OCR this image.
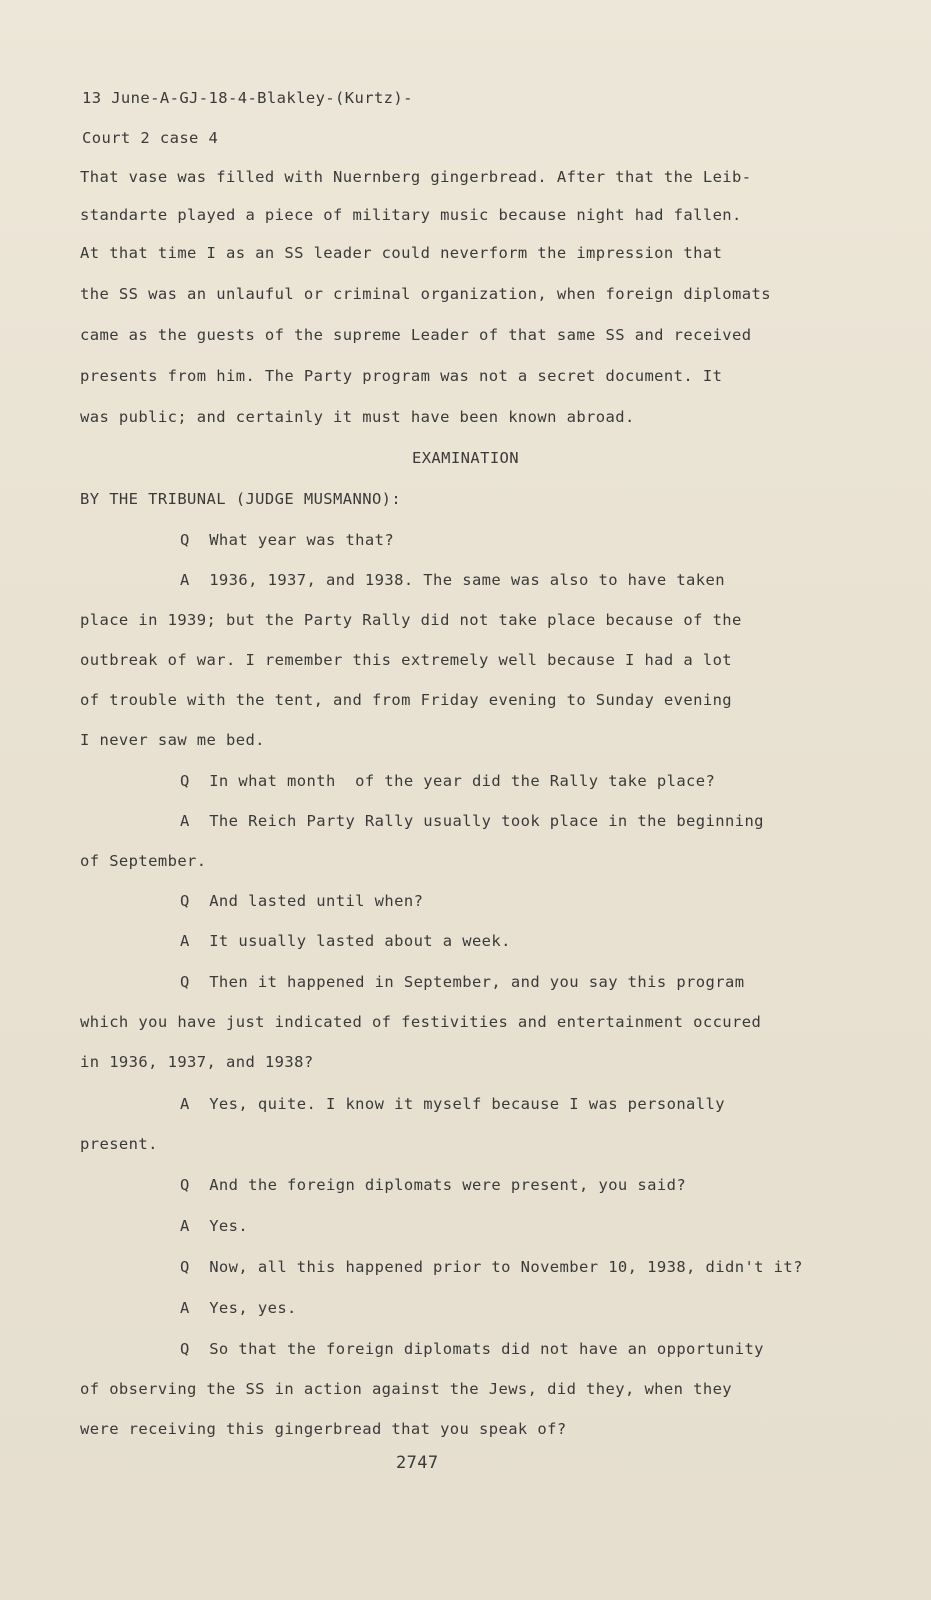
13 June-A-GJ-18-4-Blakley-(Kurtz)-
Court 2 case 4
That vase was filled with Nuernberg gingerbread. After that the Leib-
standarte played a piece of military music because night had fallen.
At that time I as an SS leader could neverform the impression that
the SS was an unlauful or criminal organization, when foreign diplomats
came as the guests of the supreme Leader of that same SS and received
presents from him. The Party program was not a secret document. It
was public; and certainly it must have been known abroad.
EXAMINATION
BY THE TRIBUNAL (JUDGE MUSMANNO):
Q  What year was that?
A  1936, 1937, and 1938. The same was also to have taken
place in 1939; but the Party Rally did not take place because of the
outbreak of war. I remember this extremely well because I had a lot
of trouble with the tent, and from Friday evening to Sunday evening
I never saw me bed.
Q  In what month  of the year did the Rally take place?
A  The Reich Party Rally usually took place in the beginning
of September.
Q  And lasted until when?
A  It usually lasted about a week.
Q  Then it happened in September, and you say this program
which you have just indicated of festivities and entertainment occured
in 1936, 1937, and 1938?
A  Yes, quite. I know it myself because I was personally
present.
Q  And the foreign diplomats were present, you said?
A  Yes.
Q  Now, all this happened prior to November 10, 1938, didn't it?
A  Yes, yes.
Q  So that the foreign diplomats did not have an opportunity
of observing the SS in action against the Jews, did they, when they
were receiving this gingerbread that you speak of?
2747
